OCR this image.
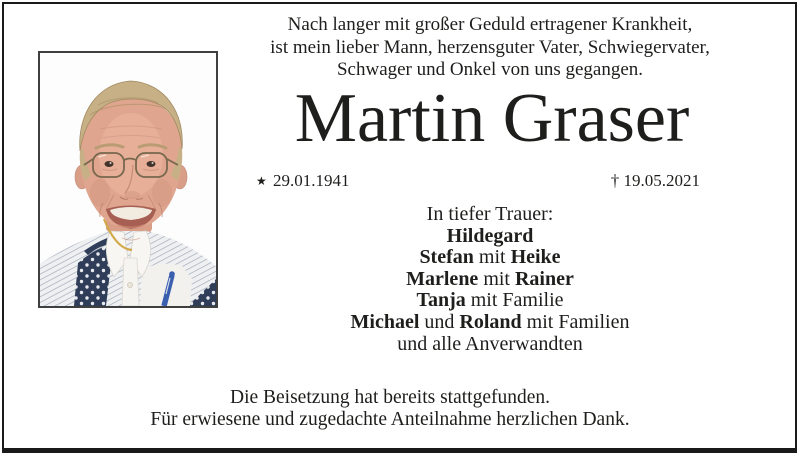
Nach langer mit großer Geduld ertragener Krankheit,
ist mein lieber Mann, herzensguter Vater, Schwiegervater,
Schwager und Onkel von uns gegangen.
Martin Graser
★ 29.01.1941	† 19.05.2021
In tiefer Trauer:
Hildegard
Stefan mit Heike
Marlene mit Rainer
Tanja mit Familie
Michael und Roland mit Familien
und alle Anverwandten
Die Beisetzung hat bereits stattgefunden.
Für erwiesene und zugedachte Anteilnahme herzlichen Dank.
